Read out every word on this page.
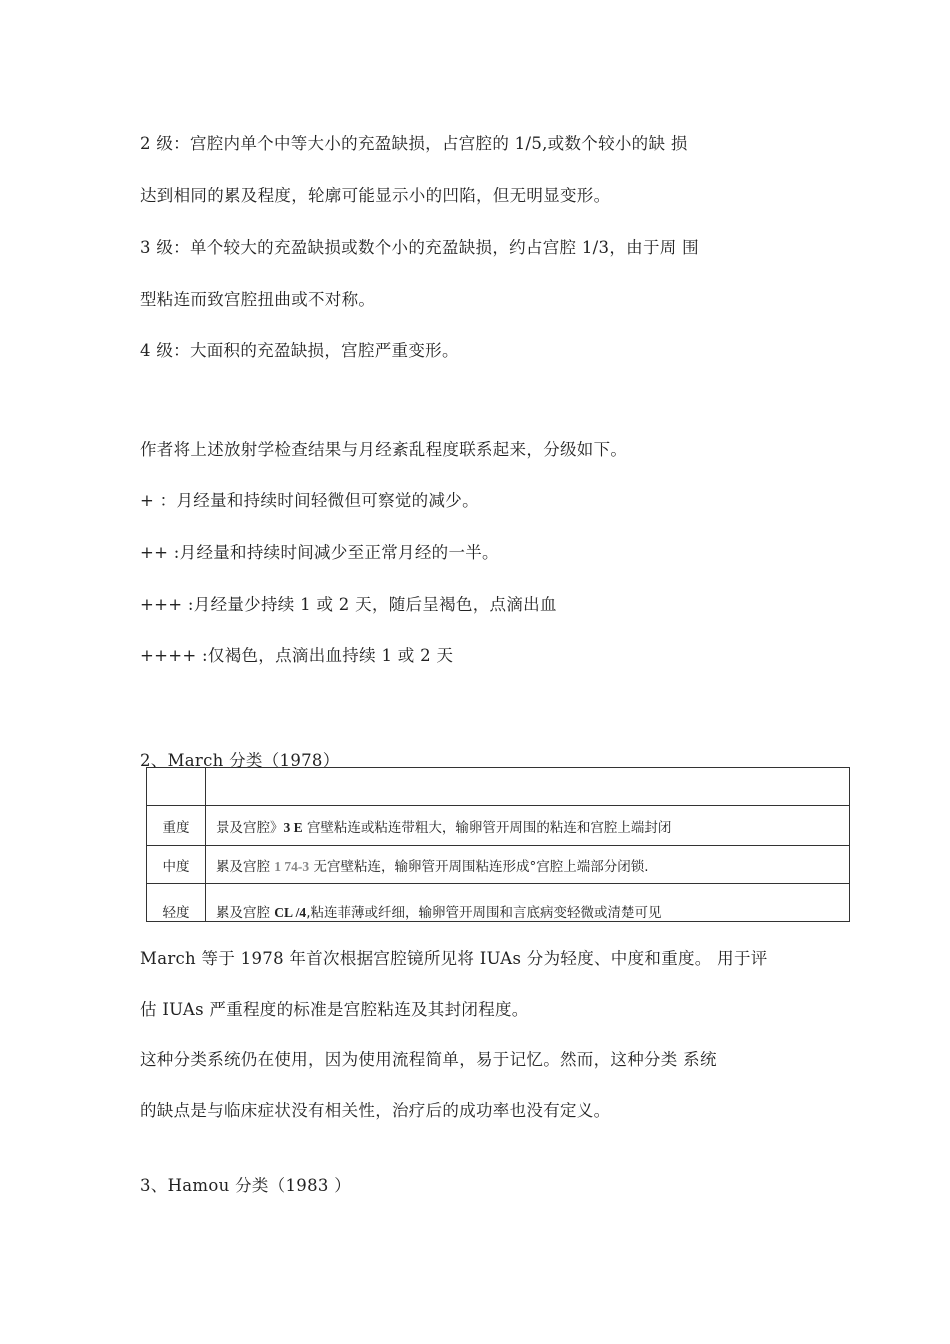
2 级：宫腔内单个中等大小的充盈缺损，占宫腔的 1/5,或数个较小的缺 损
达到相同的累及程度，轮廓可能显示小的凹陷，但无明显变形。
3 级：单个较大的充盈缺损或数个小的充盈缺损，约占宫腔 1/3，由于周 围
型粘连而致宫腔扭曲或不对称。
4 级：大面积的充盈缺损，宫腔严重变形。
作者将上述放射学检查结果与月经紊乱程度联系起来，分级如下。
+ ：月经量和持续时间轻微但可察觉的减少。
++ :月经量和持续时间减少至正常月经的一半。
+++ :月经量少持续 1 或 2 天，随后呈褐色，点滴出血
++++ :仅褐色，点滴出血持续 1 或 2 天
2、March 分类（1978）

重度	景及宫腔》3 E 宫壁粘连或粘连带粗大，输卵管开周围的粘连和宫腔上端封闭
中度	累及宫腔 1 74-3 无宫壁粘连，输卵管开周围粘连形成°宫腔上端部分闭锁.
轻度	累及宫腔 CL /4,粘连菲薄或纤细，输卵管开周围和言底病变轻微或清楚可见
March 等于 1978 年首次根据宫腔镜所见将 IUAs 分为轻度、中度和重度。 用于评
估 IUAs 严重程度的标准是宫腔粘连及其封闭程度。
这种分类系统仍在使用，因为使用流程简单，易于记忆。然而，这种分类 系统
的缺点是与临床症状没有相关性，治疗后的成功率也没有定义。
3、Hamou 分类（1983 ）
